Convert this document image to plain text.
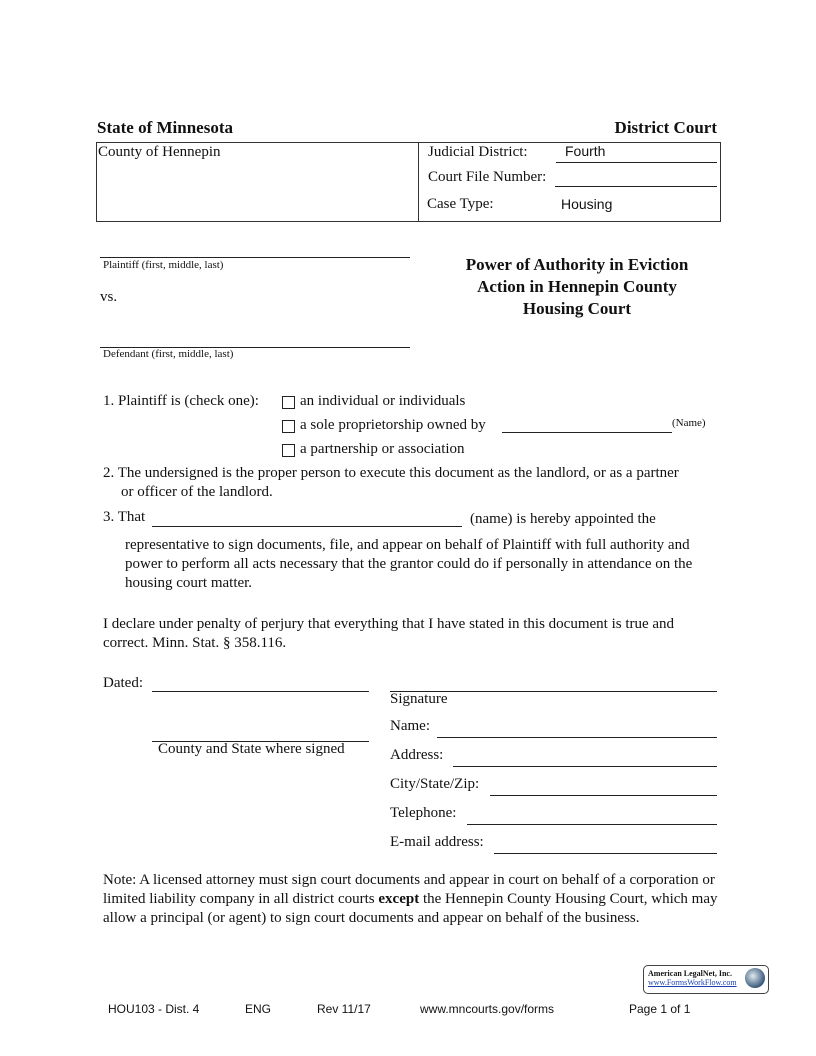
State of Minnesota	District Court
County of Hennepin	Judicial District:	Fourth
Court File Number:
Case Type:	Housing
Plaintiff (first, middle, last)
vs.
Defendant (first, middle, last)
Power of Authority in Eviction
Action in Hennepin County
Housing Court
1. Plaintiff is (check one):	an individual or individuals
a sole proprietorship owned by	(Name)
a partnership or association
2. The undersigned is the proper person to execute this document as the landlord, or as a partner
or officer of the landlord.
3. That	(name) is hereby appointed the
representative to sign documents, file, and appear on behalf of Plaintiff with full authority and power to perform all acts necessary that the grantor could do if personally in attendance on the housing court matter.
I declare under penalty of perjury that everything that I have stated in this document is true and correct. Minn. Stat. § 358.116.
Dated:
County and State where signed
Signature
Name:
Address:
City/State/Zip:
Telephone:
E-mail address:
Note: A licensed attorney must sign court documents and appear in court on behalf of a corporation or limited liability company in all district courts except the Hennepin County Housing Court, which may allow a principal (or agent) to sign court documents and appear on behalf of the business.
American LegalNet, Inc.
www.FormsWorkFlow.com
HOU103 - Dist. 4	ENG	Rev 11/17	www.mncourts.gov/forms	Page 1 of 1
